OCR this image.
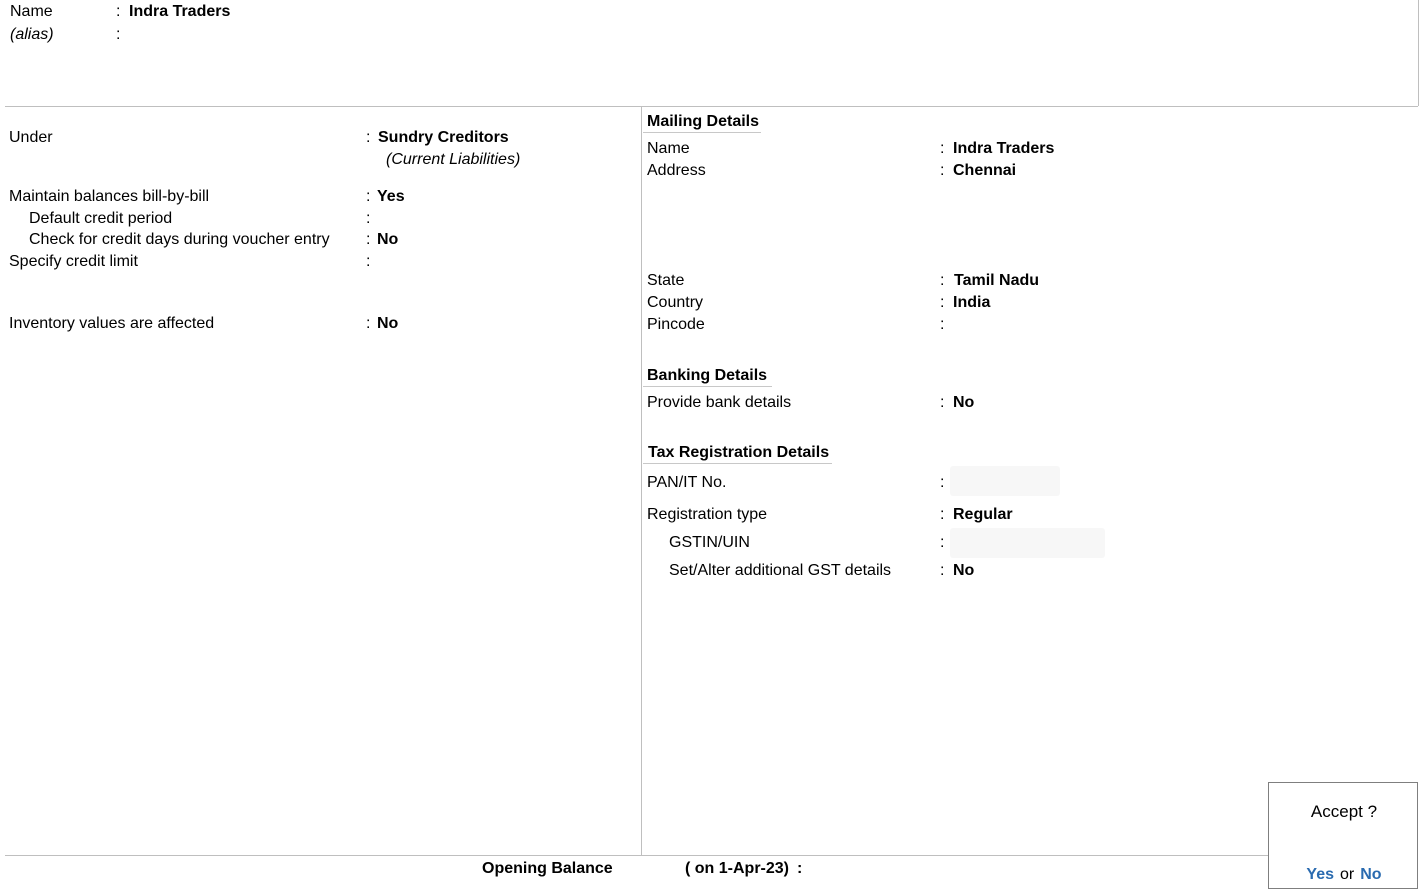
Name	: Indra Traders
(alias)	:
Under	: Sundry Creditors
(Current Liabilities)
Maintain balances bill-by-bill	: Yes
Default credit period	:
Check for credit days during voucher entry : No
Specify credit limit	:
Inventory values are affected	: No
Mailing Details
Name	: Indra Traders
Address	: Chennai
State	: Tamil Nadu
Country	: India
Pincode	:
Banking Details
Provide bank details	: No
Tax Registration Details
PAN/IT No.	:
Registration type	: Regular
GSTIN/UIN	:
Set/Alter additional GST details	: No
Opening Balance	( on 1-Apr-23) :
Accept ?
Yes or No
